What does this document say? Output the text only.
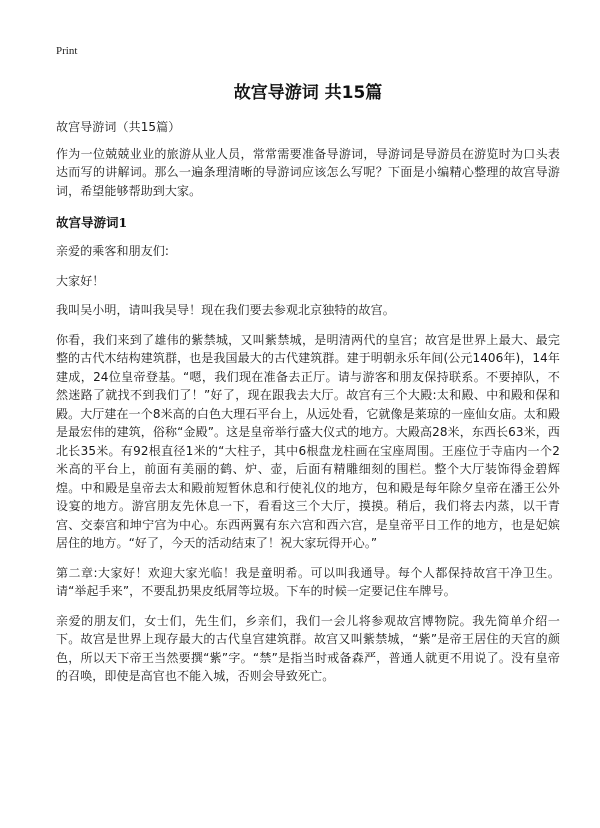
Print
故宫导游词 共15篇

故宫导游词（共15篇）

作为一位兢兢业业的旅游从业人员，常常需要准备导游词，导游词是导游员在游览时为口头表达而写的讲解词。那么一遍条理清晰的导游词应该怎么写呢？下面是小编精心整理的故宫导游词，希望能够帮助到大家。

故宫导游词1

亲爱的乘客和朋友们:

大家好！

我叫吴小明，请叫我吴导！现在我们要去参观北京独特的故宫。

你看，我们来到了雄伟的紫禁城，又叫紫禁城，是明清两代的皇宫；故宫是世界上最大、最完整的古代木结构建筑群，也是我国最大的古代建筑群。建于明朝永乐年间(公元1406年)，14年建成，24位皇帝登基。“嗯，我们现在准备去正厅。请与游客和朋友保持联系。不要掉队，不然迷路了就找不到我们了！”好了，现在跟我去大厅。故宫有三个大殿:太和殿、中和殿和保和殿。大厅建在一个8米高的白色大理石平台上，从远处看，它就像是莱琼的一座仙女庙。太和殿是最宏伟的建筑，俗称“金殿”。这是皇帝举行盛大仪式的地方。大殿高28米，东西长63米，西北长35米。有92根直径1米的“大柱子，其中6根盘龙柱画在宝座周围。王座位于寺庙内一个2米高的平台上，前面有美丽的鹤、炉、壶，后面有精雕细刻的围栏。整个大厅装饰得金碧辉煌。中和殿是皇帝去太和殿前短暂休息和行使礼仪的地方，包和殿是每年除夕皇帝在潘王公外设宴的地方。游宫朋友先休息一下，看看这三个大厅，摸摸。稍后，我们将去内蒸，以干青宫、交泰宫和坤宁宫为中心。东西两翼有东六宫和西六宫，是皇帝平日工作的地方，也是妃嫔居住的地方。“好了，今天的活动结束了！祝大家玩得开心。”

第二章:大家好！欢迎大家光临！我是童明希。可以叫我通导。每个人都保持故宫干净卫生。请“举起手来”，不要乱扔果皮纸屑等垃圾。下车的时候一定要记住车牌号。

亲爱的朋友们，女士们，先生们，乡亲们，我们一会儿将参观故宫博物院。我先简单介绍一下。故宫是世界上现存最大的古代皇宫建筑群。故宫又叫紫禁城，“紫”是帝王居住的天宫的颜色，所以天下帝王当然要撰“紫”字。“禁”是指当时戒备森严，普通人就更不用说了。没有皇帝的召唤，即使是高官也不能入城，否则会导致死亡。
